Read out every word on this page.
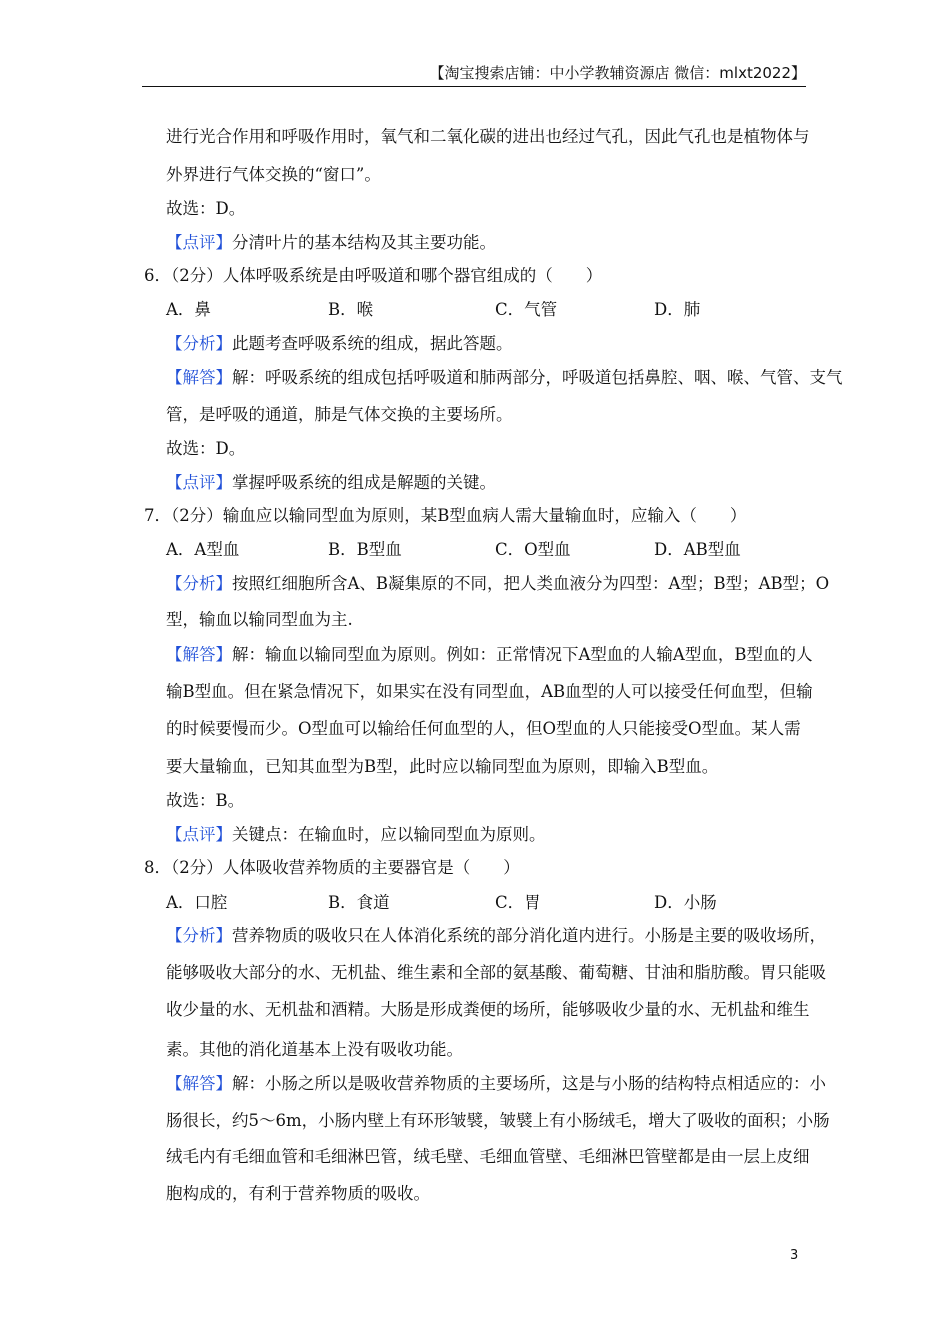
【淘宝搜索店铺：中小学教辅资源店 微信：mlxt2022】
进行光合作用和呼吸作用时，氧气和二氧化碳的进出也经过气孔，因此气孔也是植物体与
外界进行气体交换的“窗口”。
故选：D。
【点评】分清叶片的基本结构及其主要功能。
6．（2分）人体呼吸系统是由呼吸道和哪个器官组成的（　　）
A．鼻	B．喉	C．气管	D．肺
【分析】此题考查呼吸系统的组成，据此答题。
【解答】解：呼吸系统的组成包括呼吸道和肺两部分，呼吸道包括鼻腔、咽、喉、气管、支气
管，是呼吸的通道，肺是气体交换的主要场所。
故选：D。
【点评】掌握呼吸系统的组成是解题的关键。
7．（2分）输血应以输同型血为原则，某B型血病人需大量输血时，应输入（　　）
A．A型血	B．B型血	C．O型血	D．AB型血
【分析】按照红细胞所含A、B凝集原的不同，把人类血液分为四型：A型；B型；AB型；O
型，输血以输同型血为主.
【解答】解：输血以输同型血为原则。例如：正常情况下A型血的人输A型血，B型血的人
输B型血。但在紧急情况下，如果实在没有同型血，AB血型的人可以接受任何血型，但输
的时候要慢而少。O型血可以输给任何血型的人，但O型血的人只能接受O型血。某人需
要大量输血，已知其血型为B型，此时应以输同型血为原则，即输入B型血。
故选：B。
【点评】关键点：在输血时，应以输同型血为原则。
8．（2分）人体吸收营养物质的主要器官是（　　）
A．口腔	B．食道	C．胃	D．小肠
【分析】营养物质的吸收只在人体消化系统的部分消化道内进行。小肠是主要的吸收场所，
能够吸收大部分的水、无机盐、维生素和全部的氨基酸、葡萄糖、甘油和脂肪酸。胃只能吸
收少量的水、无机盐和酒精。大肠是形成粪便的场所，能够吸收少量的水、无机盐和维生
素。其他的消化道基本上没有吸收功能。
【解答】解：小肠之所以是吸收营养物质的主要场所，这是与小肠的结构特点相适应的：小
肠很长，约5～6m，小肠内壁上有环形皱襞，皱襞上有小肠绒毛，增大了吸收的面积；小肠
绒毛内有毛细血管和毛细淋巴管，绒毛壁、毛细血管壁、毛细淋巴管壁都是由一层上皮细
胞构成的，有利于营养物质的吸收。
3
